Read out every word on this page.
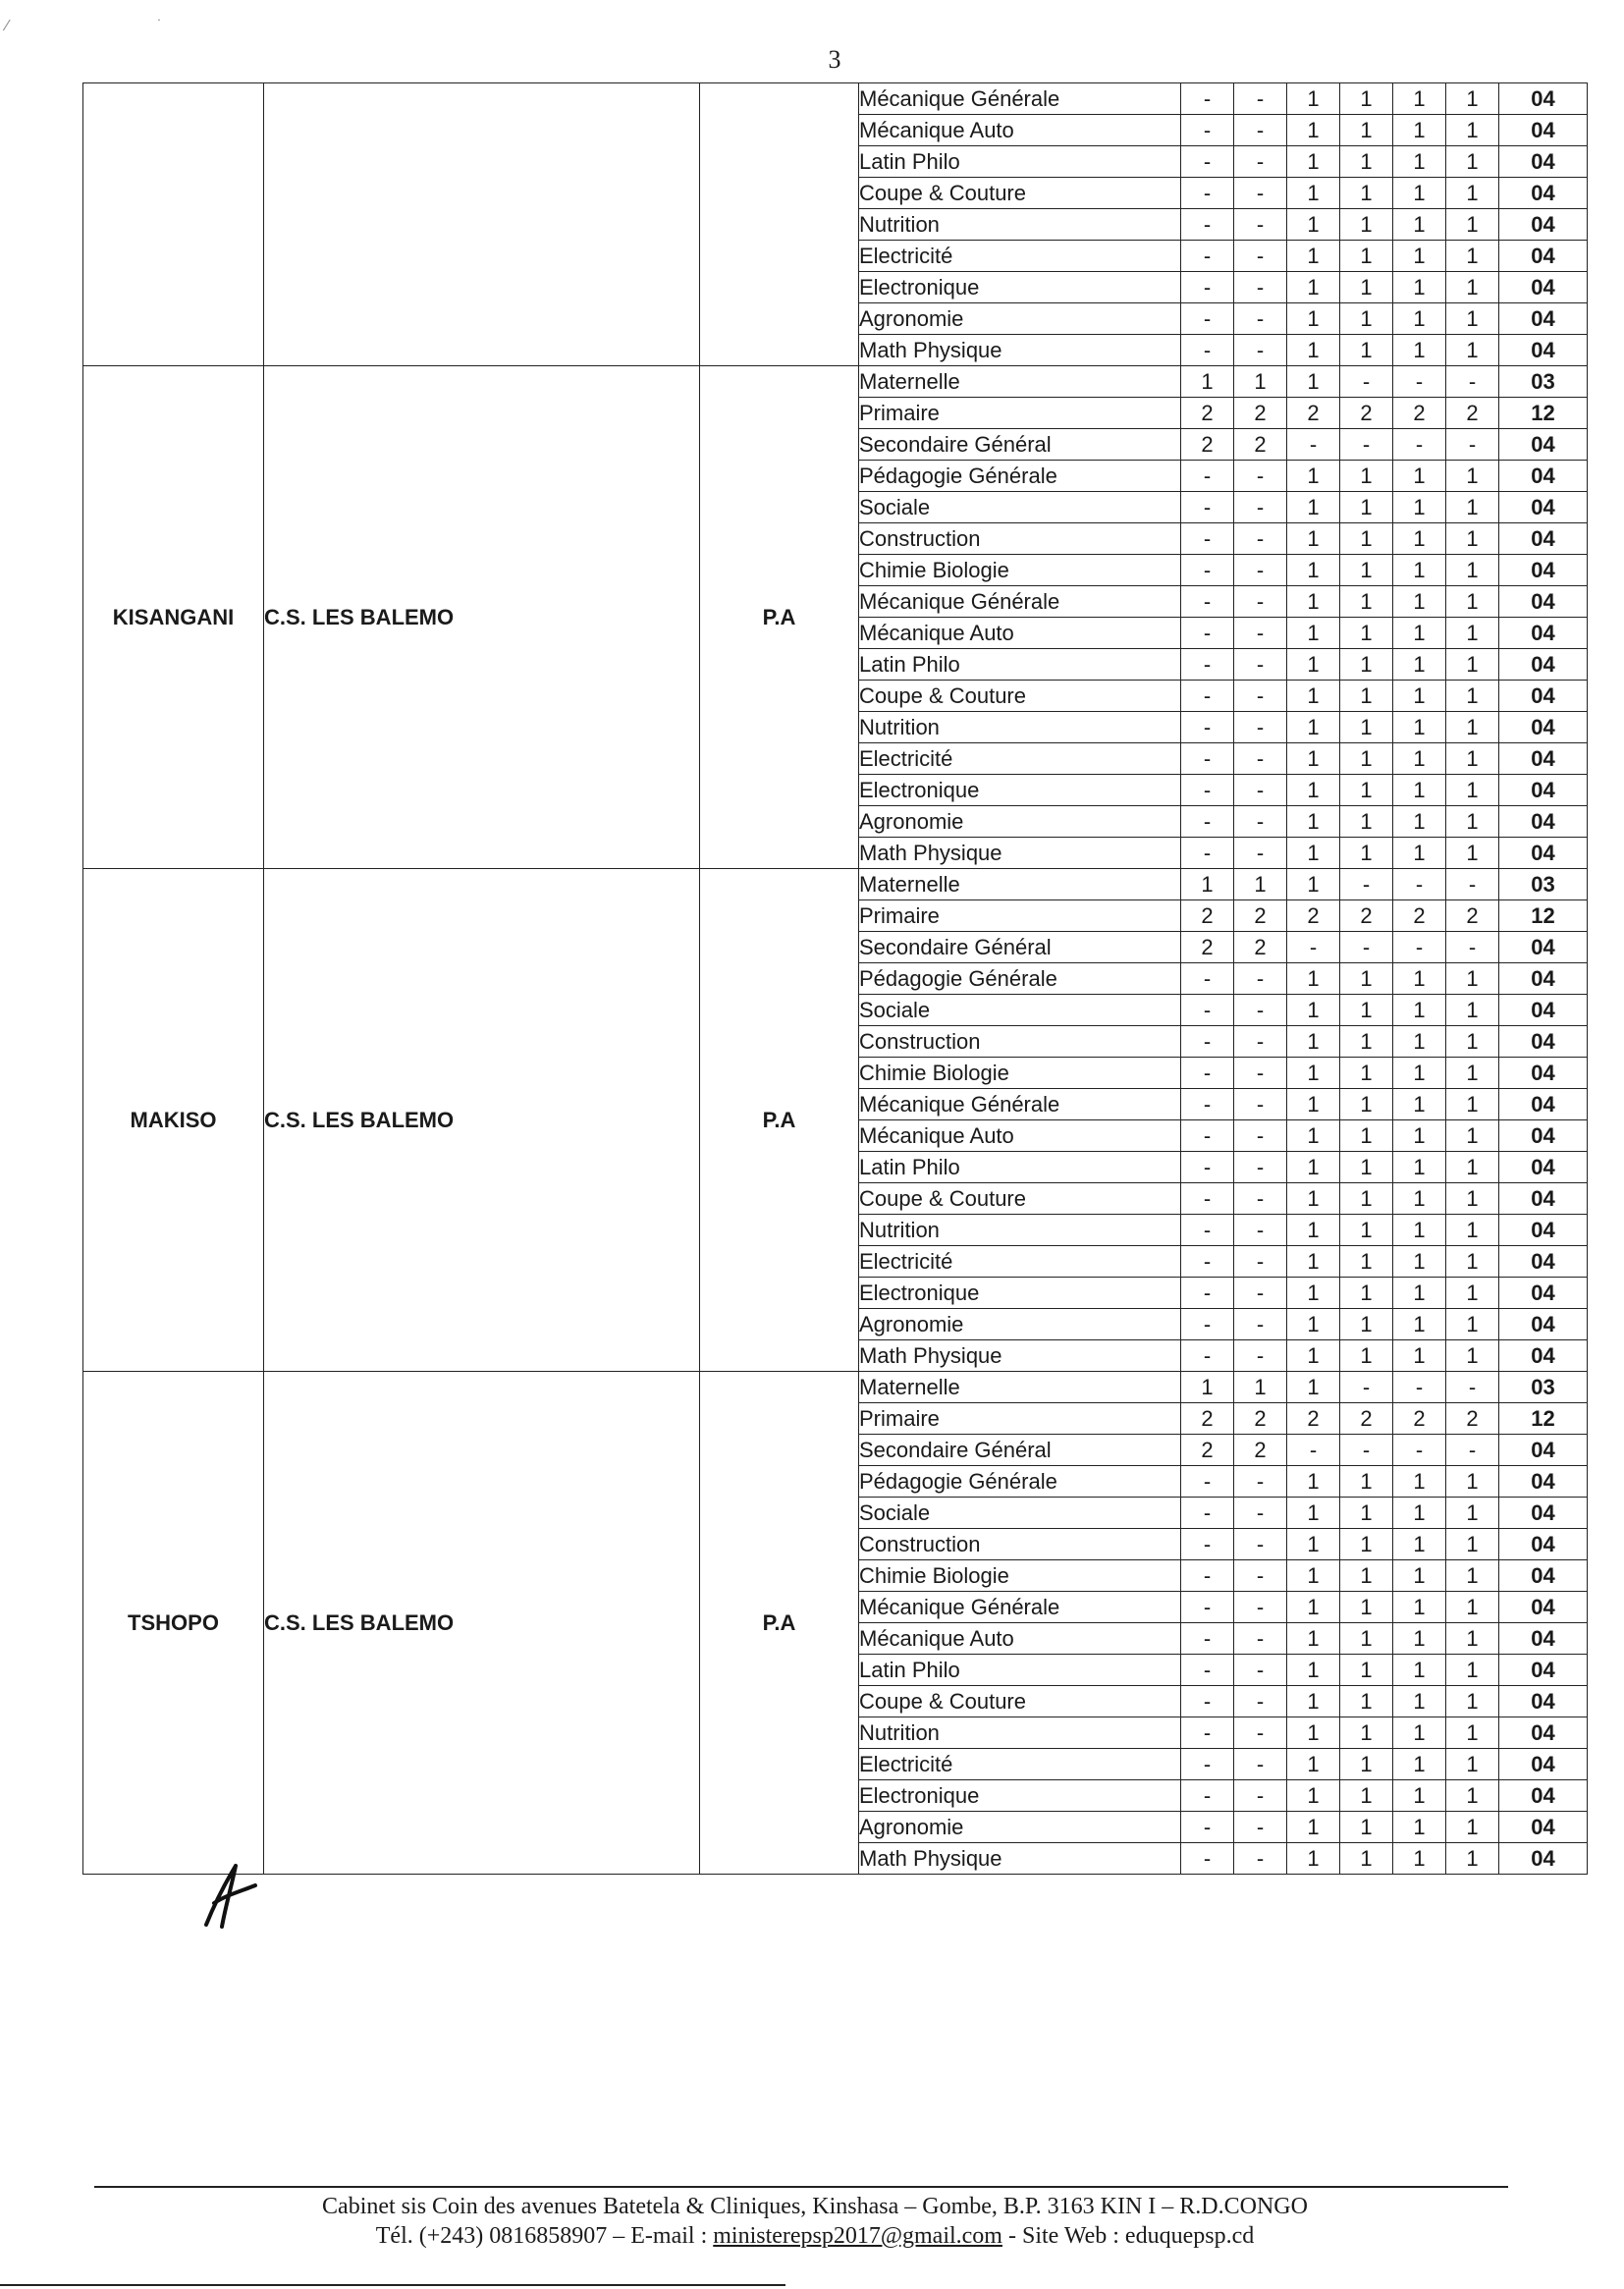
⁄	˙
3
			Mécanique Générale	-	-	1	1	1	1	04
			Mécanique Auto	-	-	1	1	1	1	04
			Latin Philo	-	-	1	1	1	1	04
			Coupe & Couture	-	-	1	1	1	1	04
			Nutrition	-	-	1	1	1	1	04
			Electricité	-	-	1	1	1	1	04
			Electronique	-	-	1	1	1	1	04
			Agronomie	-	-	1	1	1	1	04
			Math Physique	-	-	1	1	1	1	04
KISANGANI	C.S. LES BALEMO	P.A	Maternelle	1	1	1	-	-	-	03
			Primaire	2	2	2	2	2	2	12
			Secondaire Général	2	2	-	-	-	-	04
			Pédagogie Générale	-	-	1	1	1	1	04
			Sociale	-	-	1	1	1	1	04
			Construction	-	-	1	1	1	1	04
			Chimie Biologie	-	-	1	1	1	1	04
			Mécanique Générale	-	-	1	1	1	1	04
			Mécanique Auto	-	-	1	1	1	1	04
			Latin Philo	-	-	1	1	1	1	04
			Coupe & Couture	-	-	1	1	1	1	04
			Nutrition	-	-	1	1	1	1	04
			Electricité	-	-	1	1	1	1	04
			Electronique	-	-	1	1	1	1	04
			Agronomie	-	-	1	1	1	1	04
			Math Physique	-	-	1	1	1	1	04
MAKISO	C.S. LES BALEMO	P.A	Maternelle	1	1	1	-	-	-	03
			Primaire	2	2	2	2	2	2	12
			Secondaire Général	2	2	-	-	-	-	04
			Pédagogie Générale	-	-	1	1	1	1	04
			Sociale	-	-	1	1	1	1	04
			Construction	-	-	1	1	1	1	04
			Chimie Biologie	-	-	1	1	1	1	04
			Mécanique Générale	-	-	1	1	1	1	04
			Mécanique Auto	-	-	1	1	1	1	04
			Latin Philo	-	-	1	1	1	1	04
			Coupe & Couture	-	-	1	1	1	1	04
			Nutrition	-	-	1	1	1	1	04
			Electricité	-	-	1	1	1	1	04
			Electronique	-	-	1	1	1	1	04
			Agronomie	-	-	1	1	1	1	04
			Math Physique	-	-	1	1	1	1	04
TSHOPO	C.S. LES BALEMO	P.A	Maternelle	1	1	1	-	-	-	03
			Primaire	2	2	2	2	2	2	12
			Secondaire Général	2	2	-	-	-	-	04
			Pédagogie Générale	-	-	1	1	1	1	04
			Sociale	-	-	1	1	1	1	04
			Construction	-	-	1	1	1	1	04
			Chimie Biologie	-	-	1	1	1	1	04
			Mécanique Générale	-	-	1	1	1	1	04
			Mécanique Auto	-	-	1	1	1	1	04
			Latin Philo	-	-	1	1	1	1	04
			Coupe & Couture	-	-	1	1	1	1	04
			Nutrition	-	-	1	1	1	1	04
			Electricité	-	-	1	1	1	1	04
			Electronique	-	-	1	1	1	1	04
			Agronomie	-	-	1	1	1	1	04
			Math Physique	-	-	1	1	1	1	04
Cabinet sis Coin des avenues Batetela & Cliniques, Kinshasa – Gombe, B.P. 3163 KIN I – R.D.CONGO
Tél. (+243) 0816858907 – E-mail : ministerepsp2017@gmail.com - Site Web : eduquepsp.cd
